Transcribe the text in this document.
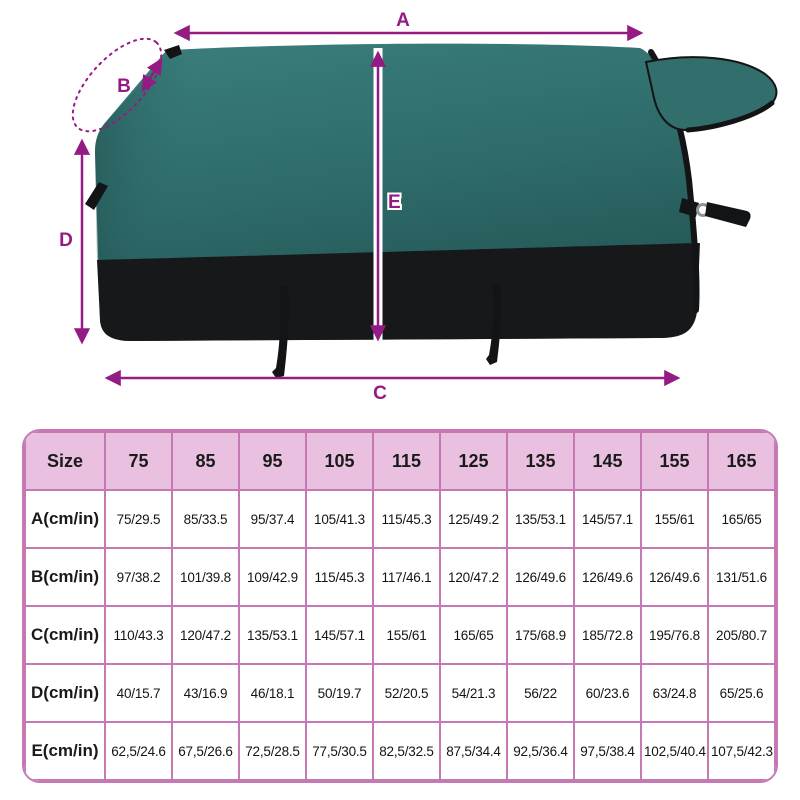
A
B
C
D
E
Size	75	85	95	105	115	125	135	145	155	165
A(cm/in)	75/29.5	85/33.5	95/37.4	105/41.3	115/45.3	125/49.2	135/53.1	145/57.1	155/61	165/65
B(cm/in)	97/38.2	101/39.8	109/42.9	115/45.3	117/46.1	120/47.2	126/49.6	126/49.6	126/49.6	131/51.6
C(cm/in)	110/43.3	120/47.2	135/53.1	145/57.1	155/61	165/65	175/68.9	185/72.8	195/76.8	205/80.7
D(cm/in)	40/15.7	43/16.9	46/18.1	50/19.7	52/20.5	54/21.3	56/22	60/23.6	63/24.8	65/25.6
E(cm/in)	62,5/24.6	67,5/26.6	72,5/28.5	77,5/30.5	82,5/32.5	87,5/34.4	92,5/36.4	97,5/38.4	102,5/40.4	107,5/42.3
